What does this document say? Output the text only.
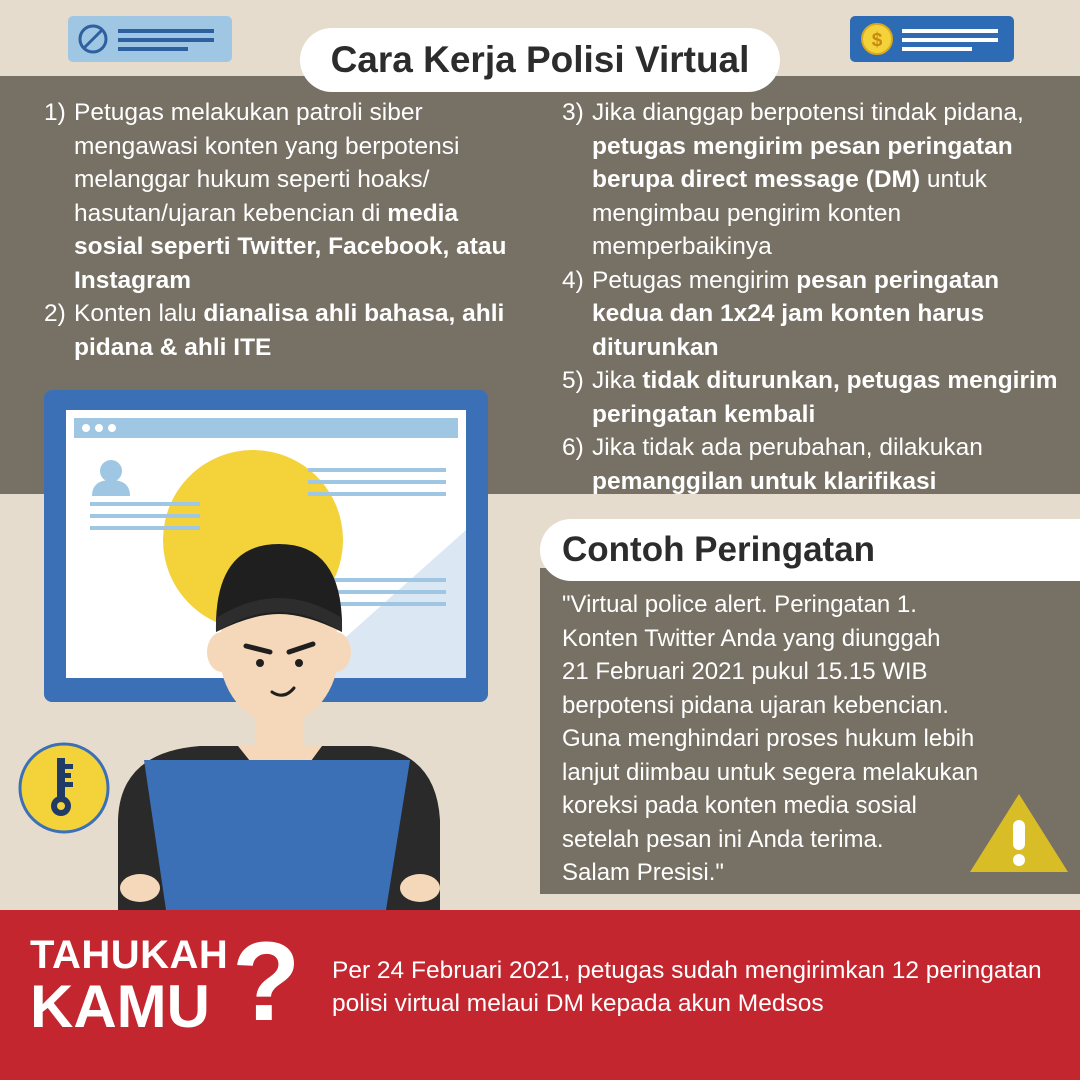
$
Cara Kerja Polisi Virtual
1) Petugas melakukan patroli siber mengawasi konten yang berpotensi melanggar hukum seperti hoaks/ hasutan/ujaran kebencian di media sosial seperti Twitter, Facebook, atau Instagram
2) Konten lalu dianalisa ahli bahasa, ahli pidana & ahli ITE
3) Jika dianggap berpotensi tindak pidana, petugas mengirim pesan peringatan berupa direct message (DM) untuk mengimbau pengirim konten memperbaikinya
4) Petugas mengirim pesan peringatan kedua dan 1x24 jam konten harus diturunkan
5) Jika tidak diturunkan, petugas mengirim peringatan kembali
6) Jika tidak ada perubahan, dilakukan pemanggilan untuk klarifikasi
Contoh Peringatan
"Virtual police alert. Peringatan 1.
Konten Twitter Anda yang diunggah
21 Februari 2021 pukul 15.15 WIB
berpotensi pidana ujaran kebencian.
Guna menghindari proses hukum lebih
lanjut diimbau untuk segera melakukan
koreksi pada konten media sosial
setelah pesan ini Anda terima.
Salam Presisi."
TAHUKAH
KAMU ? Per 24 Februari 2021, petugas sudah mengirimkan 12 peringatan polisi virtual melaui DM kepada akun Medsos
